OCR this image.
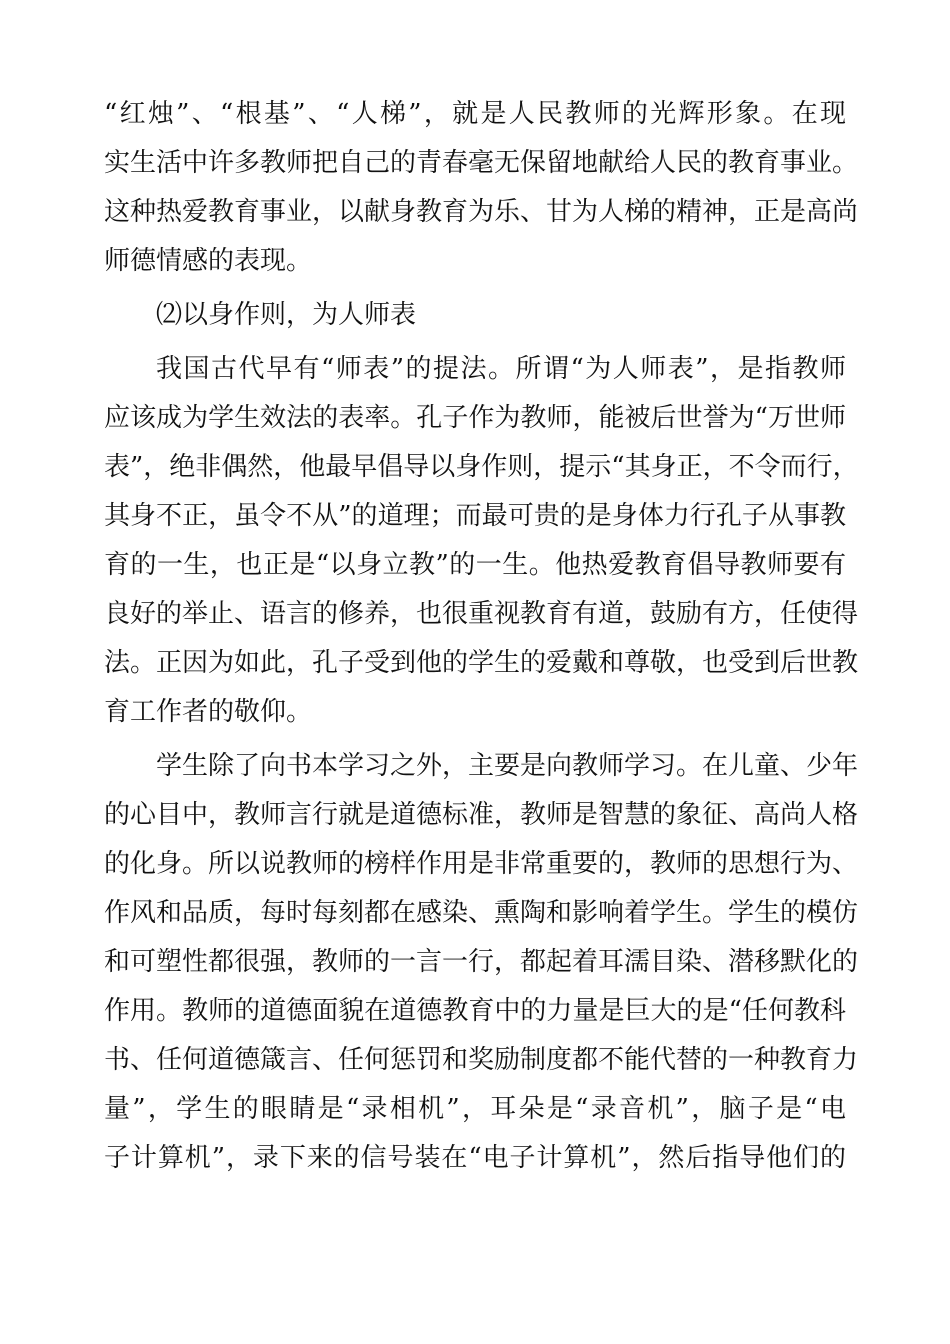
“红烛”、“根基”、“人梯”，就是人民教师的光辉形象。在现
实生活中许多教师把自己的青春毫无保留地献给人民的教育事业。
这种热爱教育事业，以献身教育为乐、甘为人梯的精神，正是高尚
师德情感的表现。
⑵以身作则，为人师表
我国古代早有“师表”的提法。所谓“为人师表”，是指教师
应该成为学生效法的表率。孔子作为教师，能被后世誉为“万世师
表”，绝非偶然，他最早倡导以身作则，提示“其身正，不令而行，
其身不正，虽令不从”的道理；而最可贵的是身体力行孔子从事教
育的一生，也正是“以身立教”的一生。他热爱教育倡导教师要有
良好的举止、语言的修养，也很重视教育有道，鼓励有方，任使得
法。正因为如此，孔子受到他的学生的爱戴和尊敬，也受到后世教
育工作者的敬仰。
学生除了向书本学习之外，主要是向教师学习。在儿童、少年
的心目中，教师言行就是道德标准，教师是智慧的象征、高尚人格
的化身。所以说教师的榜样作用是非常重要的，教师的思想行为、
作风和品质，每时每刻都在感染、熏陶和影响着学生。学生的模仿
和可塑性都很强，教师的一言一行，都起着耳濡目染、潜移默化的
作用。教师的道德面貌在道德教育中的力量是巨大的是“任何教科
书、任何道德箴言、任何惩罚和奖励制度都不能代替的一种教育力
量”，学生的眼睛是“录相机”，耳朵是“录音机”，脑子是“电
子计算机”，录下来的信号装在“电子计算机”，然后指导他们的
